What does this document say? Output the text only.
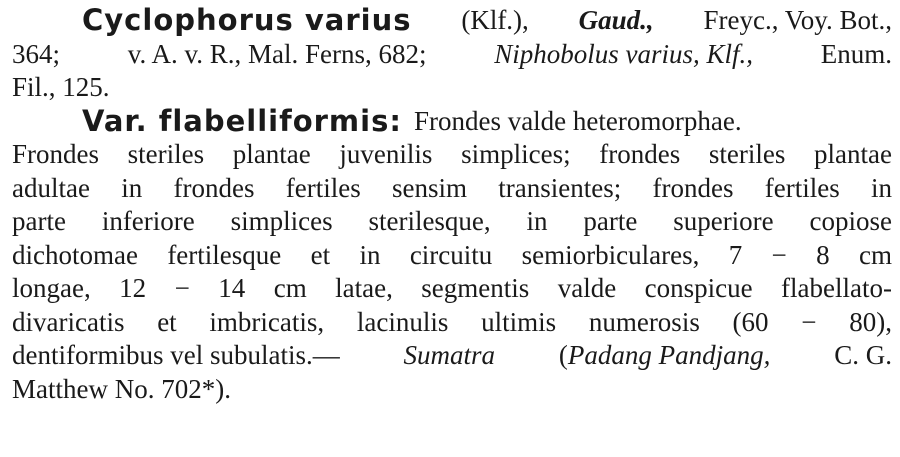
Cyclophorus varius (Klf.), Gaud., Freyc., Voy. Bot.,
364;	v. A. v. R., Mal. Ferns, 682;	Niphobolus varius, Klf.,	Enum.
Fil., 125.
Var. flabelliformis: Frondes valde heteromorphae.
Frondes steriles plantae juvenilis simplices; frondes steriles plantae
adultae in frondes fertiles sensim transientes; frondes fertiles in
parte inferiore simplices sterilesque, in parte superiore copiose
dichotomae fertilesque et in circuitu semiorbiculares, 7 − 8 cm
longae, 12 − 14 cm latae, segmentis valde conspicue flabellato-
divaricatis et imbricatis, lacinulis ultimis numerosis (60 − 80),
dentiformibus vel subulatis.— Sumatra (Padang Pandjang, C. G.
Matthew No. 702*).
